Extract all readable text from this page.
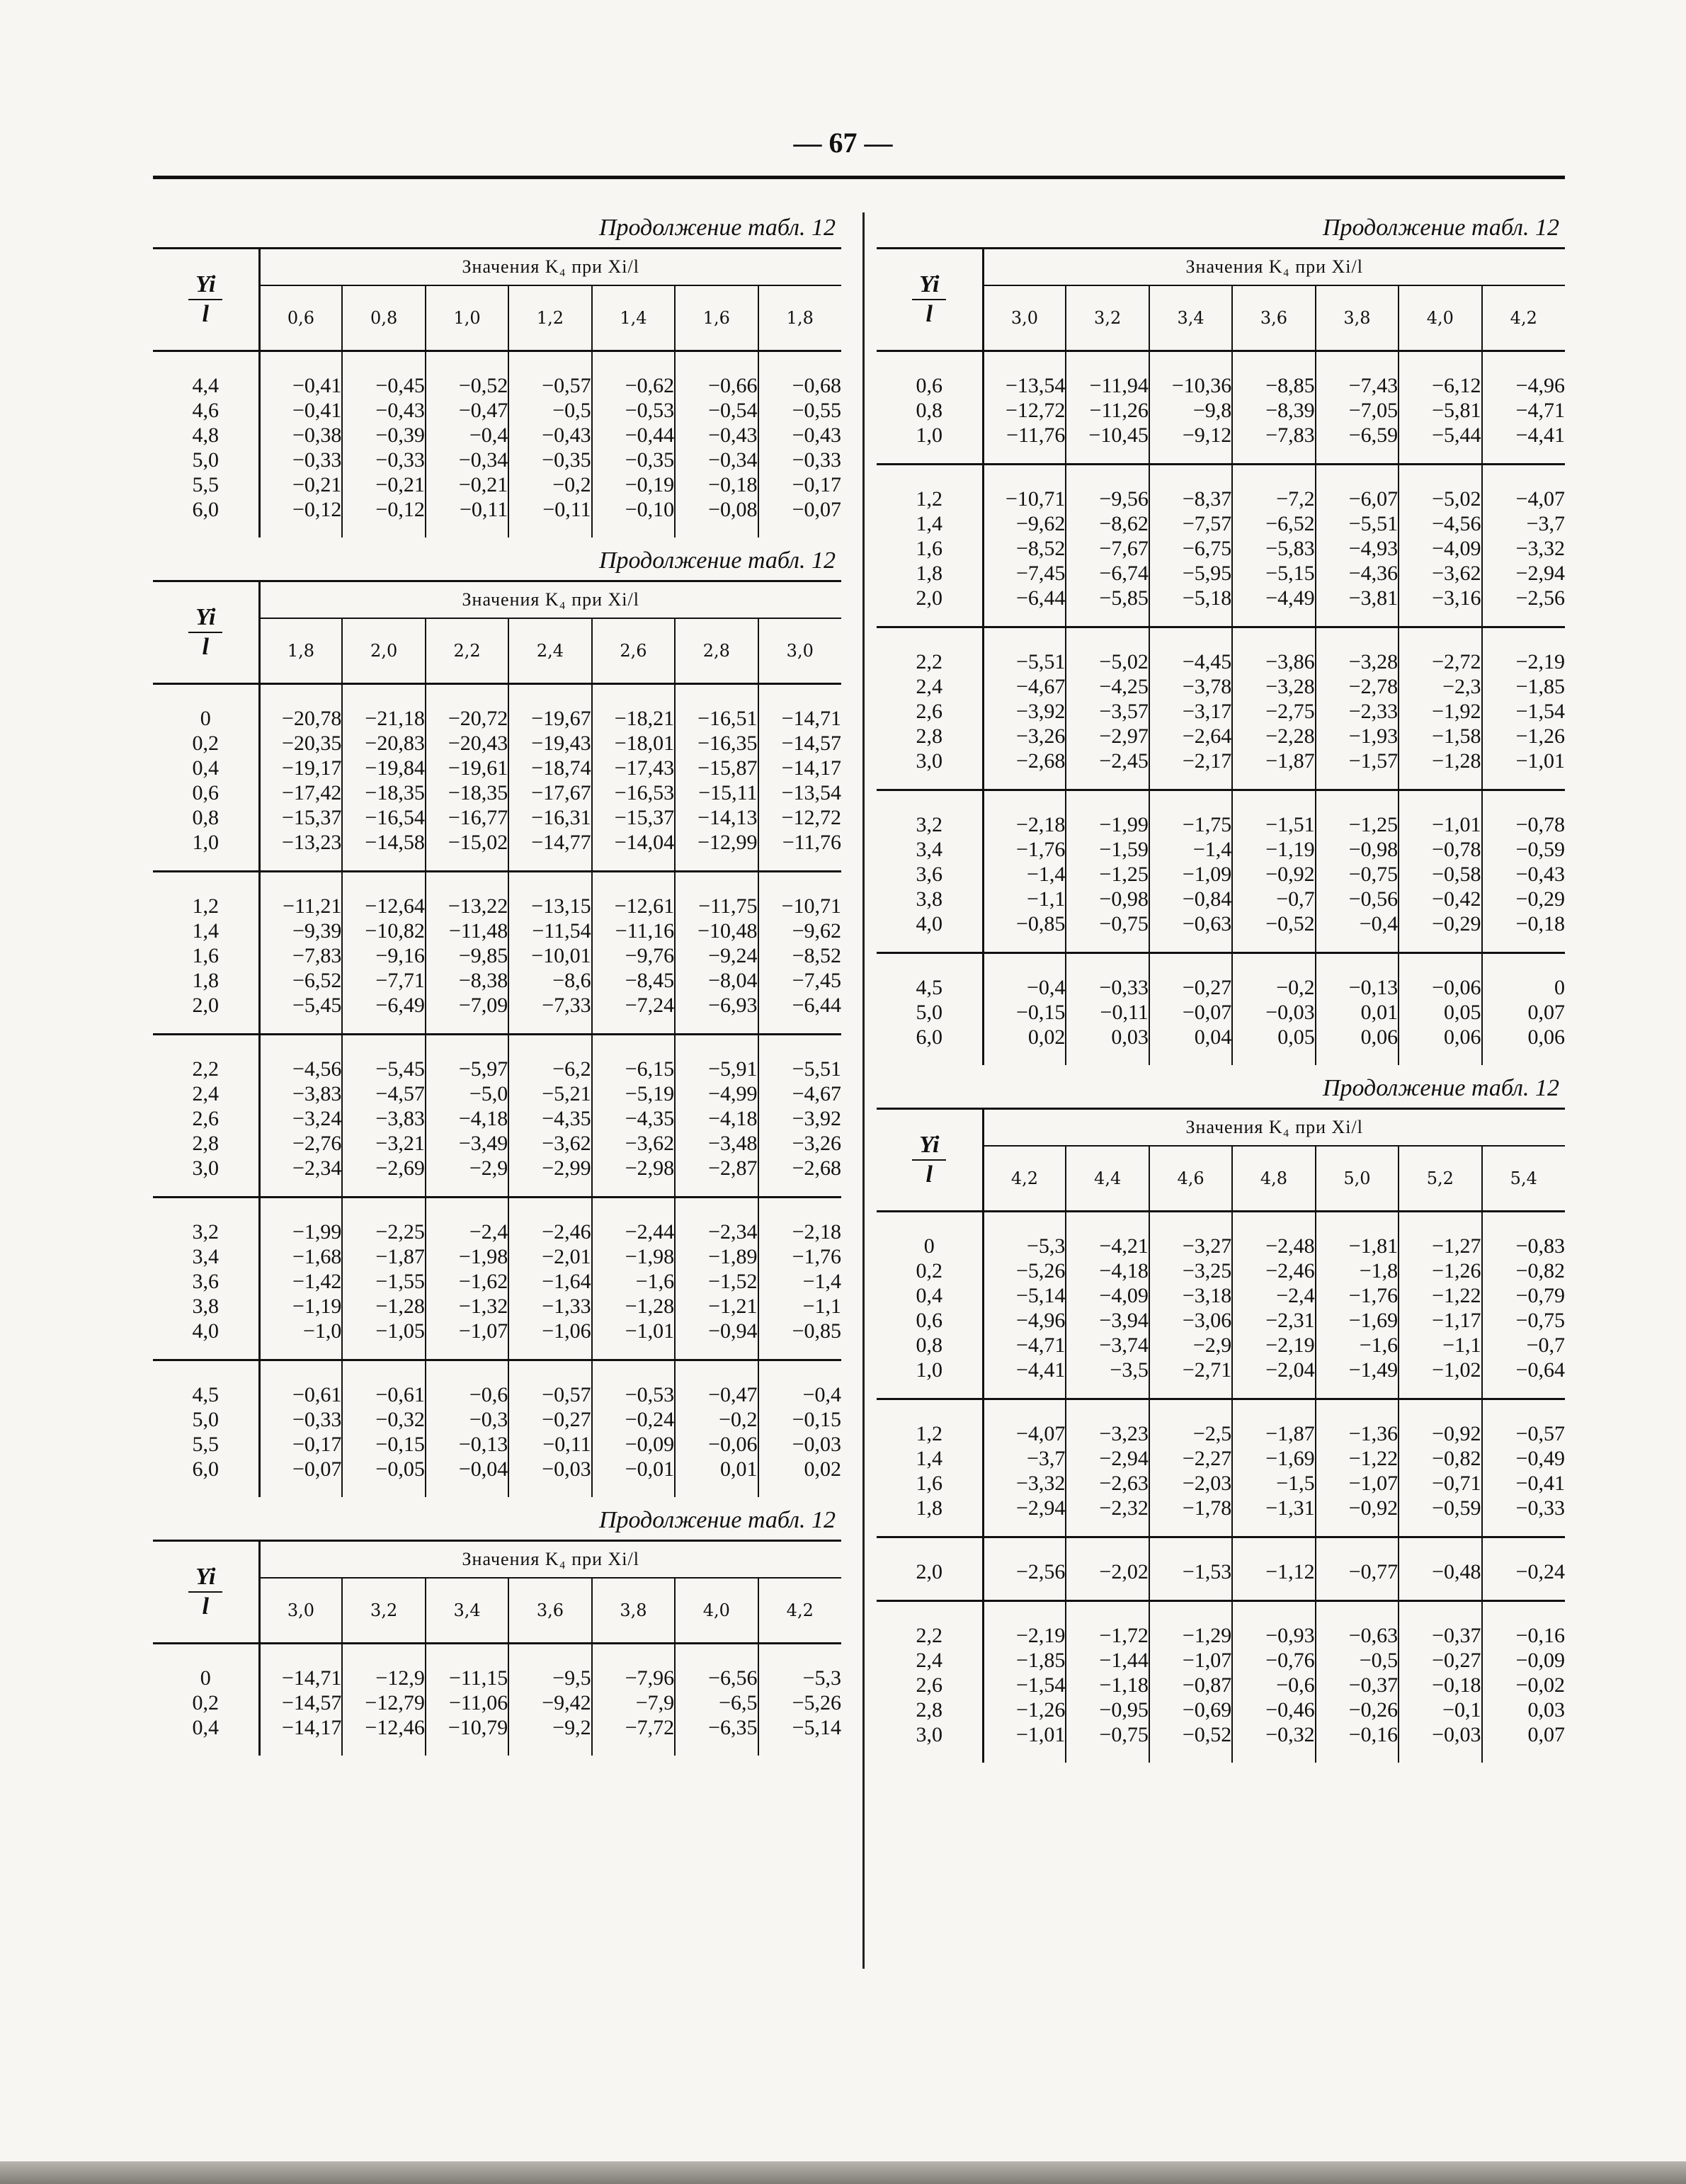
— 67 —
Продолжение табл. 12
$\frac{Yi}{l}$	Значения K₄ при Xi/l						
	0,6	0,8	1,0	1,2	1,4	1,6	1,8
4,4	−0,41	−0,45	−0,52	−0,57	−0,62	−0,66	−0,68
4,6	−0,41	−0,43	−0,47	−0,5	−0,53	−0,54	−0,55
4,8	−0,38	−0,39	−0,4	−0,43	−0,44	−0,43	−0,43
5,0	−0,33	−0,33	−0,34	−0,35	−0,35	−0,34	−0,33
5,5	−0,21	−0,21	−0,21	−0,2	−0,19	−0,18	−0,17
6,0	−0,12	−0,12	−0,11	−0,11	−0,10	−0,08	−0,07
Продолжение табл. 12
$\frac{Yi}{l}$	Значения K₄ при Xi/l						
	1,8	2,0	2,2	2,4	2,6	2,8	3,0
0	−20,78	−21,18	−20,72	−19,67	−18,21	−16,51	−14,71
0,2	−20,35	−20,83	−20,43	−19,43	−18,01	−16,35	−14,57
0,4	−19,17	−19,84	−19,61	−18,74	−17,43	−15,87	−14,17
0,6	−17,42	−18,35	−18,35	−17,67	−16,53	−15,11	−13,54
0,8	−15,37	−16,54	−16,77	−16,31	−15,37	−14,13	−12,72
1,0	−13,23	−14,58	−15,02	−14,77	−14,04	−12,99	−11,76
1,2	−11,21	−12,64	−13,22	−13,15	−12,61	−11,75	−10,71
1,4	−9,39	−10,82	−11,48	−11,54	−11,16	−10,48	−9,62
1,6	−7,83	−9,16	−9,85	−10,01	−9,76	−9,24	−8,52
1,8	−6,52	−7,71	−8,38	−8,6	−8,45	−8,04	−7,45
2,0	−5,45	−6,49	−7,09	−7,33	−7,24	−6,93	−6,44
2,2	−4,56	−5,45	−5,97	−6,2	−6,15	−5,91	−5,51
2,4	−3,83	−4,57	−5,0	−5,21	−5,19	−4,99	−4,67
2,6	−3,24	−3,83	−4,18	−4,35	−4,35	−4,18	−3,92
2,8	−2,76	−3,21	−3,49	−3,62	−3,62	−3,48	−3,26
3,0	−2,34	−2,69	−2,9	−2,99	−2,98	−2,87	−2,68
3,2	−1,99	−2,25	−2,4	−2,46	−2,44	−2,34	−2,18
3,4	−1,68	−1,87	−1,98	−2,01	−1,98	−1,89	−1,76
3,6	−1,42	−1,55	−1,62	−1,64	−1,6	−1,52	−1,4
3,8	−1,19	−1,28	−1,32	−1,33	−1,28	−1,21	−1,1
4,0	−1,0	−1,05	−1,07	−1,06	−1,01	−0,94	−0,85
4,5	−0,61	−0,61	−0,6	−0,57	−0,53	−0,47	−0,4
5,0	−0,33	−0,32	−0,3	−0,27	−0,24	−0,2	−0,15
5,5	−0,17	−0,15	−0,13	−0,11	−0,09	−0,06	−0,03
6,0	−0,07	−0,05	−0,04	−0,03	−0,01	0,01	0,02
Продолжение табл. 12
$\frac{Yi}{l}$	Значения K₄ при Xi/l						
	3,0	3,2	3,4	3,6	3,8	4,0	4,2
0	−14,71	−12,9	−11,15	−9,5	−7,96	−6,56	−5,3
0,2	−14,57	−12,79	−11,06	−9,42	−7,9	−6,5	−5,26
0,4	−14,17	−12,46	−10,79	−9,2	−7,72	−6,35	−5,14
Продолжение табл. 12
$\frac{Yi}{l}$	Значения K₄ при Xi/l						
	3,0	3,2	3,4	3,6	3,8	4,0	4,2
0,6	−13,54	−11,94	−10,36	−8,85	−7,43	−6,12	−4,96
0,8	−12,72	−11,26	−9,8	−8,39	−7,05	−5,81	−4,71
1,0	−11,76	−10,45	−9,12	−7,83	−6,59	−5,44	−4,41
1,2	−10,71	−9,56	−8,37	−7,2	−6,07	−5,02	−4,07
1,4	−9,62	−8,62	−7,57	−6,52	−5,51	−4,56	−3,7
1,6	−8,52	−7,67	−6,75	−5,83	−4,93	−4,09	−3,32
1,8	−7,45	−6,74	−5,95	−5,15	−4,36	−3,62	−2,94
2,0	−6,44	−5,85	−5,18	−4,49	−3,81	−3,16	−2,56
2,2	−5,51	−5,02	−4,45	−3,86	−3,28	−2,72	−2,19
2,4	−4,67	−4,25	−3,78	−3,28	−2,78	−2,3	−1,85
2,6	−3,92	−3,57	−3,17	−2,75	−2,33	−1,92	−1,54
2,8	−3,26	−2,97	−2,64	−2,28	−1,93	−1,58	−1,26
3,0	−2,68	−2,45	−2,17	−1,87	−1,57	−1,28	−1,01
3,2	−2,18	−1,99	−1,75	−1,51	−1,25	−1,01	−0,78
3,4	−1,76	−1,59	−1,4	−1,19	−0,98	−0,78	−0,59
3,6	−1,4	−1,25	−1,09	−0,92	−0,75	−0,58	−0,43
3,8	−1,1	−0,98	−0,84	−0,7	−0,56	−0,42	−0,29
4,0	−0,85	−0,75	−0,63	−0,52	−0,4	−0,29	−0,18
4,5	−0,4	−0,33	−0,27	−0,2	−0,13	−0,06	0
5,0	−0,15	−0,11	−0,07	−0,03	0,01	0,05	0,07
6,0	0,02	0,03	0,04	0,05	0,06	0,06	0,06
Продолжение табл. 12
$\frac{Yi}{l}$	Значения K₄ при Xi/l						
	4,2	4,4	4,6	4,8	5,0	5,2	5,4
0	−5,3	−4,21	−3,27	−2,48	−1,81	−1,27	−0,83
0,2	−5,26	−4,18	−3,25	−2,46	−1,8	−1,26	−0,82
0,4	−5,14	−4,09	−3,18	−2,4	−1,76	−1,22	−0,79
0,6	−4,96	−3,94	−3,06	−2,31	−1,69	−1,17	−0,75
0,8	−4,71	−3,74	−2,9	−2,19	−1,6	−1,1	−0,7
1,0	−4,41	−3,5	−2,71	−2,04	−1,49	−1,02	−0,64
1,2	−4,07	−3,23	−2,5	−1,87	−1,36	−0,92	−0,57
1,4	−3,7	−2,94	−2,27	−1,69	−1,22	−0,82	−0,49
1,6	−3,32	−2,63	−2,03	−1,5	−1,07	−0,71	−0,41
1,8	−2,94	−2,32	−1,78	−1,31	−0,92	−0,59	−0,33
2,0	−2,56	−2,02	−1,53	−1,12	−0,77	−0,48	−0,24
2,2	−2,19	−1,72	−1,29	−0,93	−0,63	−0,37	−0,16
2,4	−1,85	−1,44	−1,07	−0,76	−0,5	−0,27	−0,09
2,6	−1,54	−1,18	−0,87	−0,6	−0,37	−0,18	−0,02
2,8	−1,26	−0,95	−0,69	−0,46	−0,26	−0,1	0,03
3,0	−1,01	−0,75	−0,52	−0,32	−0,16	−0,03	0,07
